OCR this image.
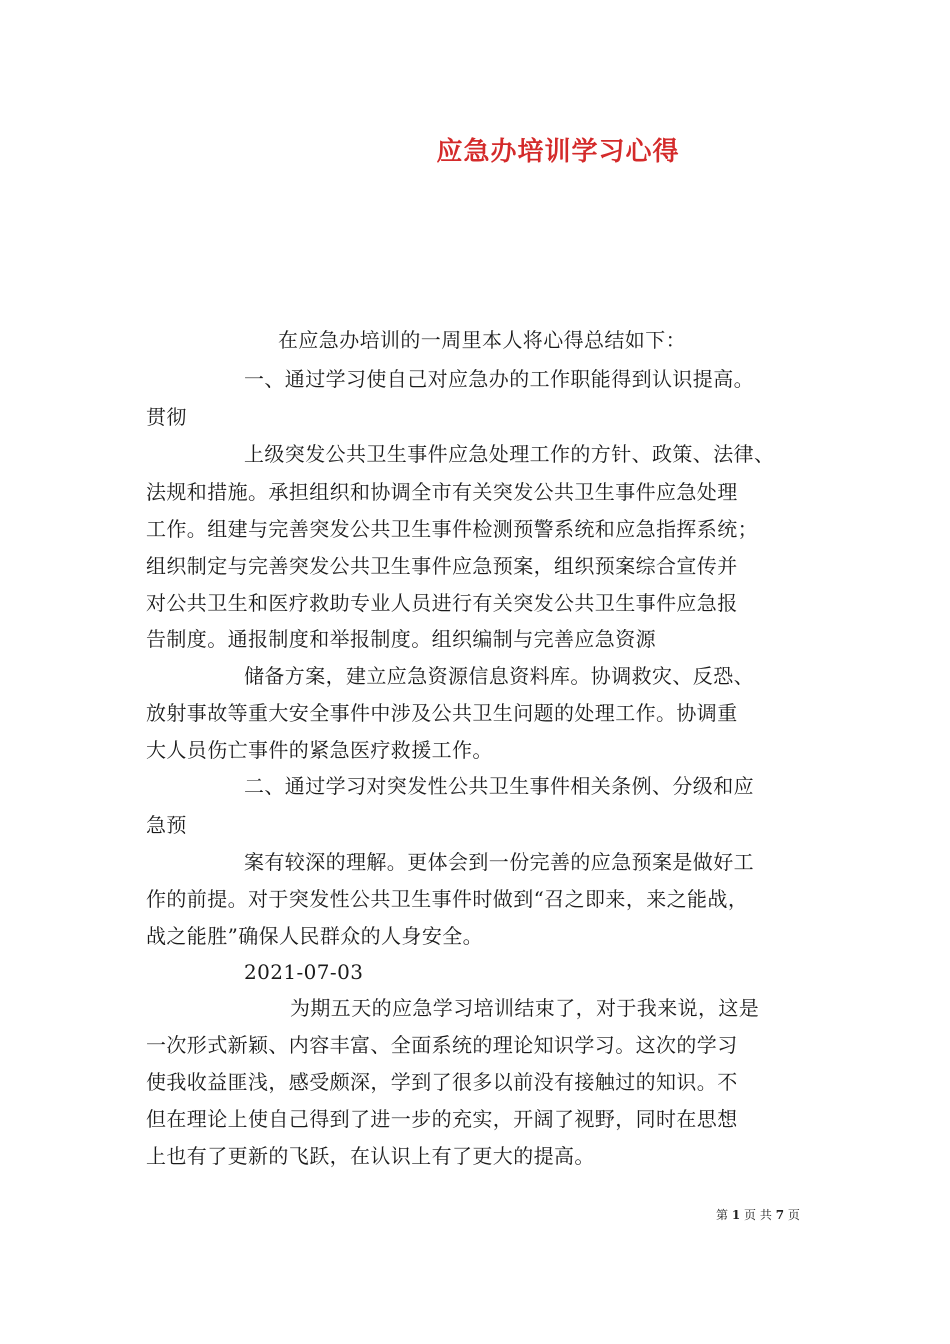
应急办培训学习心得
在应急办培训的一周里本人将心得总结如下：
一、通过学习使自己对应急办的工作职能得到认识提高。
贯彻
上级突发公共卫生事件应急处理工作的方针、政策、法律、
法规和措施。承担组织和协调全市有关突发公共卫生事件应急处理
工作。组建与完善突发公共卫生事件检测预警系统和应急指挥系统；
组织制定与完善突发公共卫生事件应急预案，组织预案综合宣传并
对公共卫生和医疗救助专业人员进行有关突发公共卫生事件应急报
告制度。通报制度和举报制度。组织编制与完善应急资源
储备方案，建立应急资源信息资料库。协调救灾、反恐、
放射事故等重大安全事件中涉及公共卫生问题的处理工作。协调重
大人员伤亡事件的紧急医疗救援工作。
二、通过学习对突发性公共卫生事件相关条例、分级和应
急预
案有较深的理解。更体会到一份完善的应急预案是做好工
作的前提。对于突发性公共卫生事件时做到“召之即来，来之能战，
战之能胜”确保人民群众的人身安全。
2021-07-03
为期五天的应急学习培训结束了，对于我来说，这是
一次形式新颖、内容丰富、全面系统的理论知识学习。这次的学习
使我收益匪浅，感受颇深，学到了很多以前没有接触过的知识。不
但在理论上使自己得到了进一步的充实，开阔了视野，同时在思想
上也有了更新的飞跃，在认识上有了更大的提高。
第 1 页 共 7 页
